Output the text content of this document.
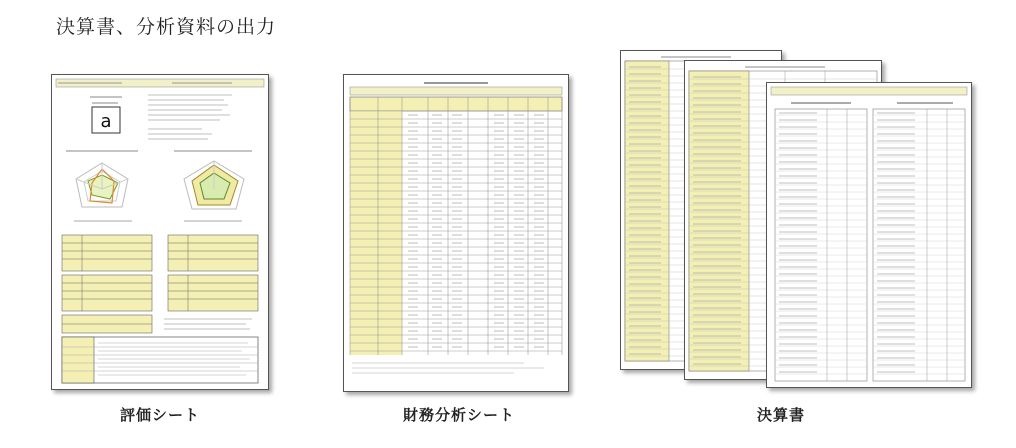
決算書、分析資料の出力
a
評価シート	財務分析シート	決算書
